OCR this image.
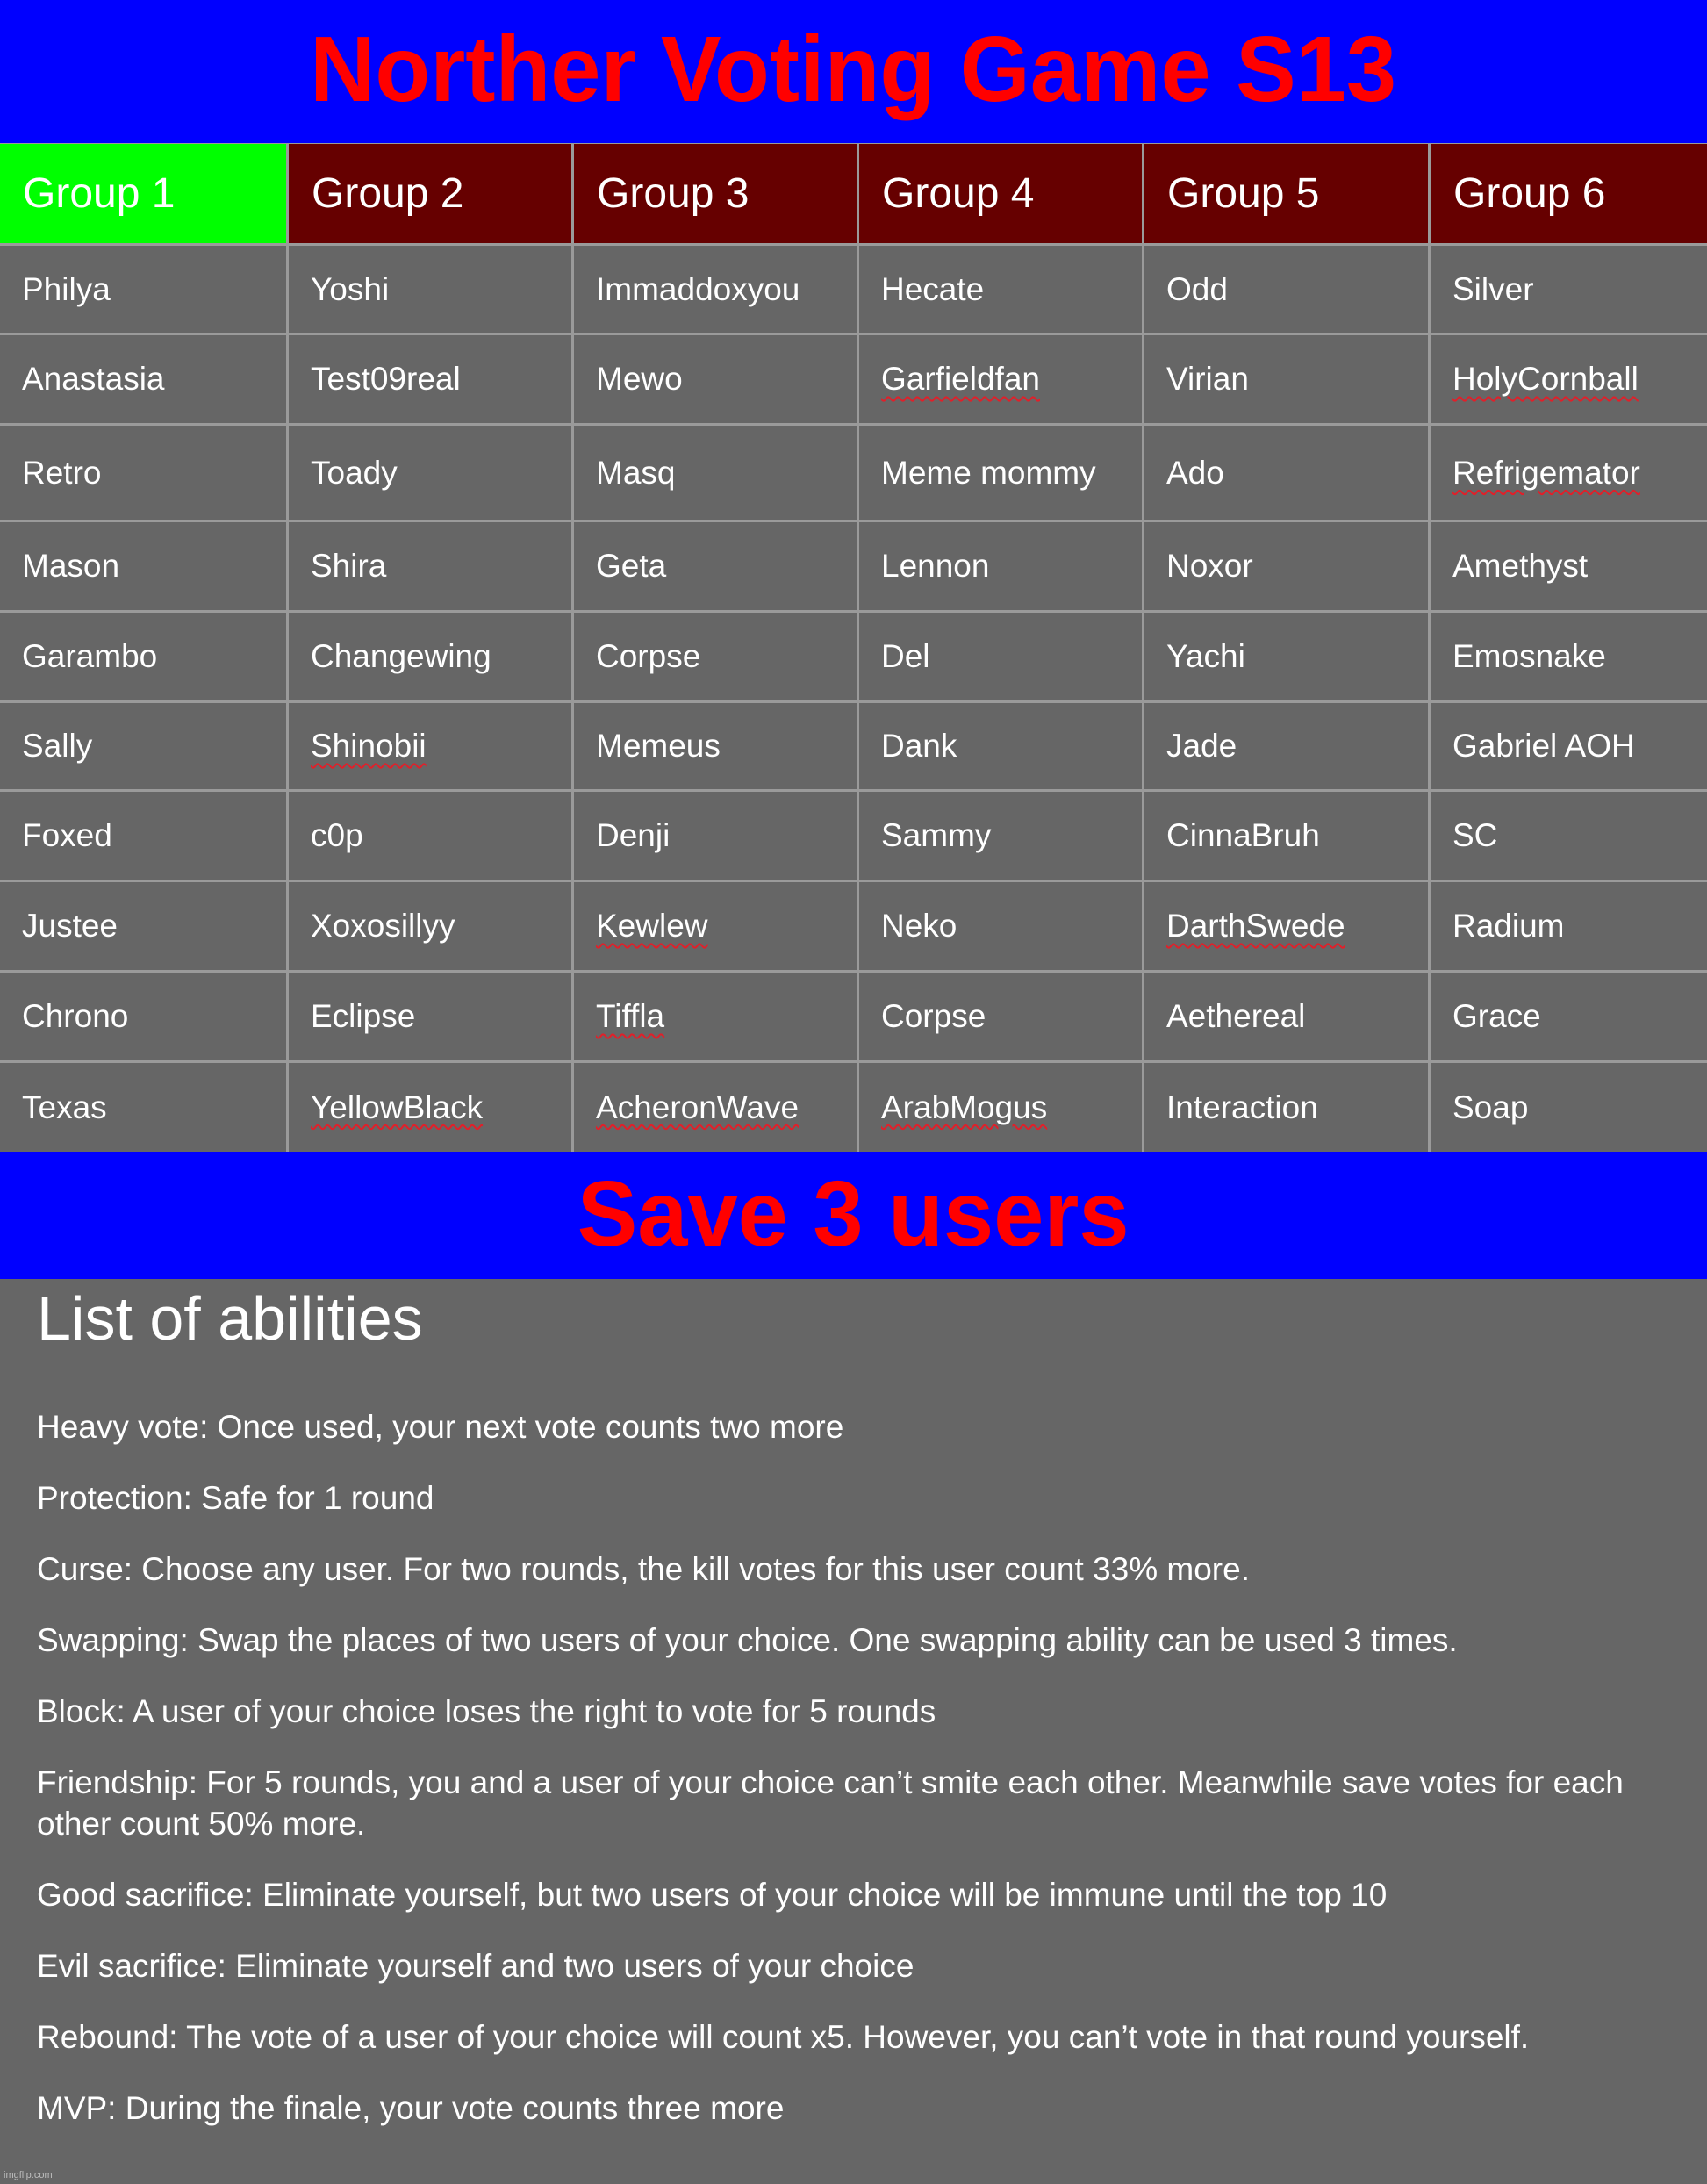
Norther Voting Game S13
Group 1
Philya
Anastasia
Retro
Mason
Garambo
Sally
Foxed
Justee
Chrono
Texas
Group 2
Yoshi
Test09real
Toady
Shira
Changewing
Shinobii
c0p
Xoxosillyy
Eclipse
YellowBlack
Group 3
Immaddoxyou
Mewo
Masq
Geta
Corpse
Memeus
Denji
Kewlew
Tiffla
AcheronWave
Group 4
Hecate
Garfieldfan
Meme mommy
Lennon
Del
Dank
Sammy
Neko
Corpse
ArabMogus
Group 5
Odd
Virian
Ado
Noxor
Yachi
Jade
CinnaBruh
DarthSwede
Aethereal
Interaction
Group 6
Silver
HolyCornball
Refrigemator
Amethyst
Emosnake
Gabriel AOH
SC
Radium
Grace
Soap
Save 3 users
List of abilities

Heavy vote: Once used, your next vote counts two more

Protection: Safe for 1 round

Curse: Choose any user. For two rounds, the kill votes for this user count 33% more.

Swapping: Swap the places of two users of your choice. One swapping ability can be used 3 times.

Block: A user of your choice loses the right to vote for 5 rounds

Friendship: For 5 rounds, you and a user of your choice can’t smite each other. Meanwhile save votes for each other count 50% more.

Good sacrifice: Eliminate yourself, but two users of your choice will be immune until the top 10

Evil sacrifice: Eliminate yourself and two users of your choice

Rebound: The vote of a user of your choice will count x5. However, you can’t vote in that round yourself.

MVP: During the finale, your vote counts three more

imgflip.com
